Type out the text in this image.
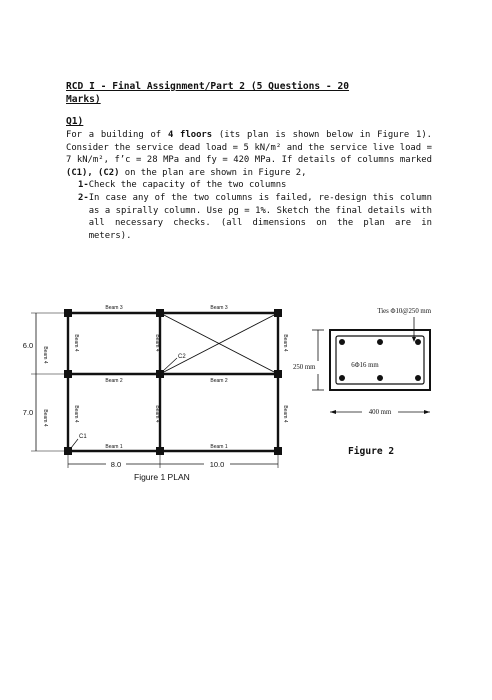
RCD I - Final Assignment/Part 2 (5 Questions - 20
Marks)
Q1)
For a building of 4 floors (its plan is shown below in Figure 1). Consider the service dead load = 5 kN/m² and the service live load = 7 kN/m², f’c = 28 MPa and fy = 420 MPa. If details of columns marked (C1), (C2) on the plan are shown in Figure 2,
1- Check the capacity of the two columns
2- In case any of the two columns is failed, re-design this column as a spirally column. Use ρg = 1%. Sketch the final details with all necessary checks. (all dimensions on the plan are in meters).
Beam 3	Beam 3
Beam 2	Beam 2
Beam 1	Beam 1
Beam 4
Beam 4
Beam 4
Beam 4
Beam 4
Beam 4
Beam 4
Beam 4
6.0
7.0
8.0	10.0
C2
C1
Figure 1 PLAN
Ties Φ10@250 mm
250 mm	6Φ16 mm
400 mm
Figure 2
